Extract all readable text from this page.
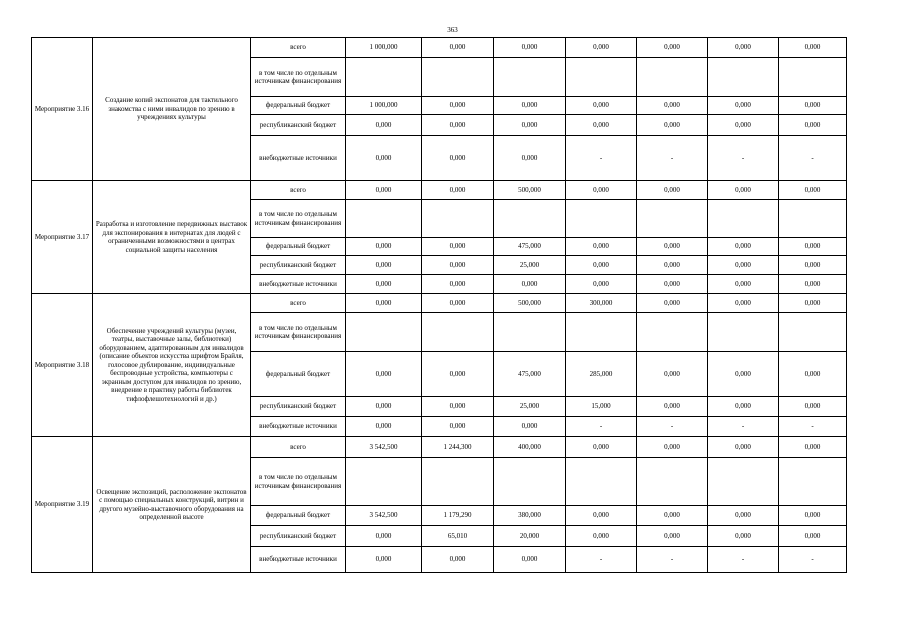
363
Мероприятие 3.16	Создание копий экспонатов для тактильного знакомства с ними инвалидов по зрению в учреждениях культуры	всего	1 000,000	0,000	0,000	0,000	0,000	0,000	0,000
		в том числе по отдельным источникам финансирования							
		федеральный бюджет	1 000,000	0,000	0,000	0,000	0,000	0,000	0,000
		республиканский бюджет	0,000	0,000	0,000	0,000	0,000	0,000	0,000
		внебюджетные источники	0,000	0,000	0,000	-	-	-	-
Мероприятие 3.17	Разработка и изготовление передвижных выставок для экспонирования в интернатах для людей с ограниченными возможностями в центрах социальной защиты населения	всего	0,000	0,000	500,000	0,000	0,000	0,000	0,000
		в том числе по отдельным источникам финансирования							
		федеральный бюджет	0,000	0,000	475,000	0,000	0,000	0,000	0,000
		республиканский бюджет	0,000	0,000	25,000	0,000	0,000	0,000	0,000
		внебюджетные источники	0,000	0,000	0,000	0,000	0,000	0,000	0,000
Мероприятие 3.18	Обеспечение учреждений культуры (музеи, театры, выставочные залы, библиотеки) оборудованием, адаптированным для инвалидов (описание объектов искусства шрифтом Брайля, голосовое дублирование, индивидуальные беспроводные устройства, компьютеры с экранным доступом для инвалидов по зрению, внедрение в практику работы библиотек тифлофлешотехнологий и др.)	всего	0,000	0,000	500,000	300,000	0,000	0,000	0,000
		в том числе по отдельным источникам финансирования							
		федеральный бюджет	0,000	0,000	475,000	285,000	0,000	0,000	0,000
		республиканский бюджет	0,000	0,000	25,000	15,000	0,000	0,000	0,000
		внебюджетные источники	0,000	0,000	0,000	-	-	-	-
Мероприятие 3.19	Освещение экспозиций, расположение экспонатов с помощью специальных конструкций, витрин и другого музейно-выставочного оборудования на определенной высоте	всего	3 542,500	1 244,300	400,000	0,000	0,000	0,000	0,000
		в том числе по отдельным источникам финансирования							
		федеральный бюджет	3 542,500	1 179,290	380,000	0,000	0,000	0,000	0,000
		республиканский бюджет	0,000	65,010	20,000	0,000	0,000	0,000	0,000
		внебюджетные источники	0,000	0,000	0,000	-	-	-	-
